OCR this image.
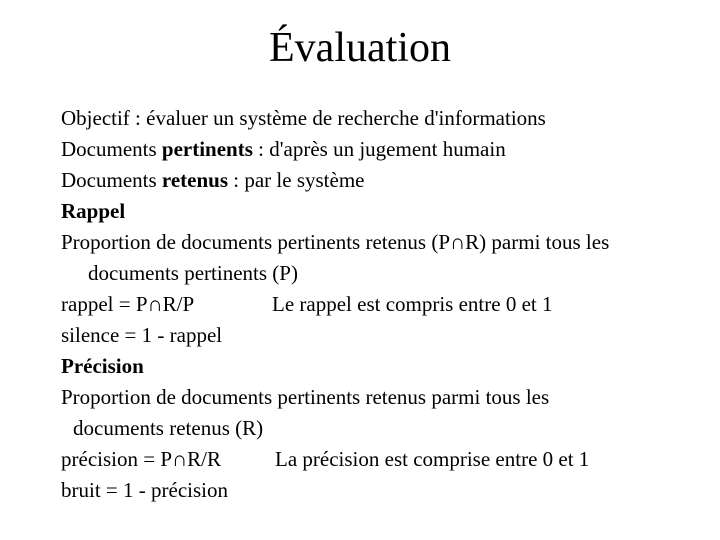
Évaluation
Objectif : évaluer un système de recherche d'informations
Documents pertinents : d'après un jugement humain
Documents retenus : par le système
Rappel
Proportion de documents pertinents retenus (P∩R) parmi tous les
documents pertinents (P)
rappel = P∩R/P	Le rappel est compris entre 0 et 1
silence = 1 - rappel
Précision
Proportion de documents pertinents retenus parmi tous les
documents retenus (R)
précision = P∩R/R	La précision est comprise entre 0 et 1
bruit = 1 - précision
